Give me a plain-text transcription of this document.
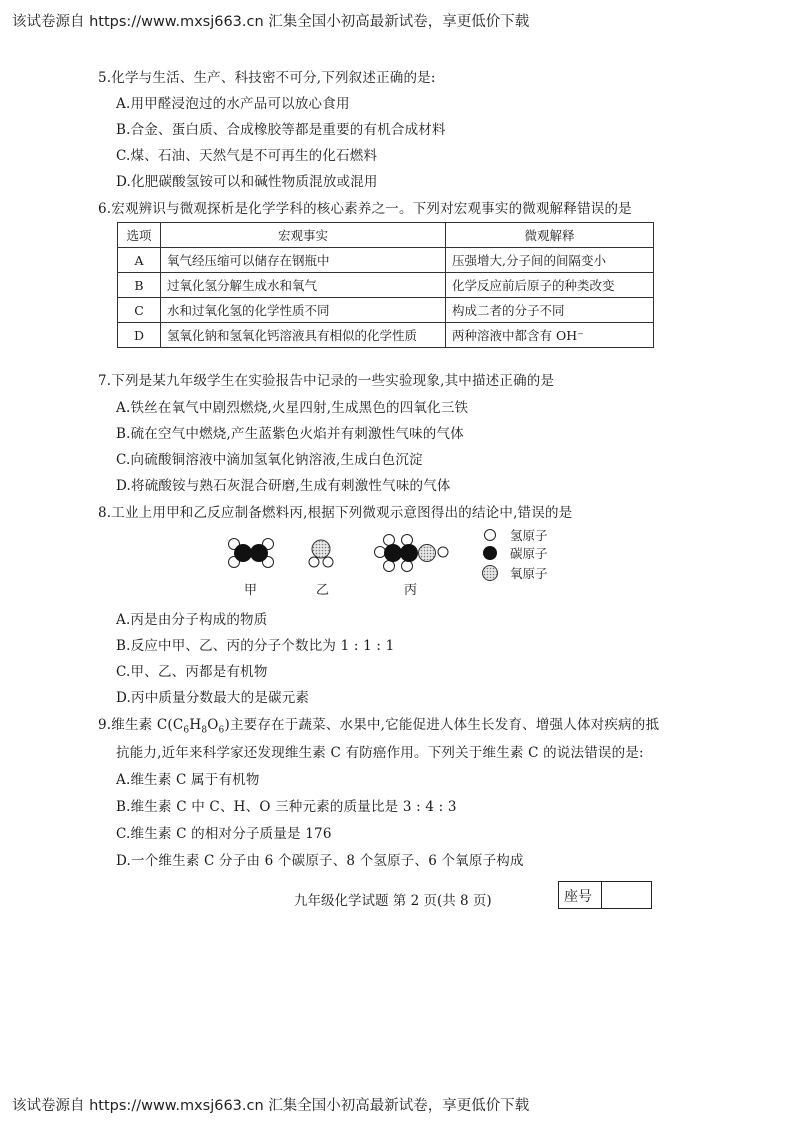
该试卷源自 https://www.mxsj663.cn 汇集全国小初高最新试卷，享更低价下载
5.化学与生活、生产、科技密不可分,下列叙述正确的是:
A.用甲醛浸泡过的水产品可以放心食用
B.合金、蛋白质、合成橡胶等都是重要的有机合成材料
C.煤、石油、天然气是不可再生的化石燃料
D.化肥碳酸氢铵可以和碱性物质混放或混用
6.宏观辨识与微观探析是化学学科的核心素养之一。下列对宏观事实的微观解释错误的是
选项	宏观事实	微观解释
A	氧气经压缩可以储存在钢瓶中	压强增大,分子间的间隔变小
B	过氧化氢分解生成水和氧气	化学反应前后原子的种类改变
C	水和过氧化氢的化学性质不同	构成二者的分子不同
D	氢氧化钠和氢氧化钙溶液具有相似的化学性质	两种溶液中都含有 OH⁻
7.下列是某九年级学生在实验报告中记录的一些实验现象,其中描述正确的是
A.铁丝在氧气中剧烈燃烧,火星四射,生成黑色的四氧化三铁
B.硫在空气中燃烧,产生蓝紫色火焰并有刺激性气味的气体
C.向硫酸铜溶液中滴加氢氧化钠溶液,生成白色沉淀
D.将硫酸铵与熟石灰混合研磨,生成有刺激性气味的气体
8.工业上用甲和乙反应制备燃料丙,根据下列微观示意图得出的结论中,错误的是
氢原子
碳原子
氧原子
甲	乙	丙
A.丙是由分子构成的物质
B.反应中甲、乙、丙的分子个数比为 1 : 1 : 1
C.甲、乙、丙都是有机物
D.丙中质量分数最大的是碳元素
9.维生素 $C(C_6H_8O_6)$主要存在于蔬菜、水果中,它能促进人体生长发育、增强人体对疾病的抵
抗能力,近年来科学家还发现维生素 C 有防癌作用。下列关于维生素 C 的说法错误的是:
A.维生素 C 属于有机物
B.维生素 C 中 C、H、O 三种元素的质量比是 3 : 4 : 3
C.维生素 C 的相对分子质量是 176
D.一个维生素 C 分子由 6 个碳原子、8 个氢原子、6 个氧原子构成
九年级化学试题 第 2 页(共 8 页)	座号
该试卷源自 https://www.mxsj663.cn 汇集全国小初高最新试卷，享更低价下载
